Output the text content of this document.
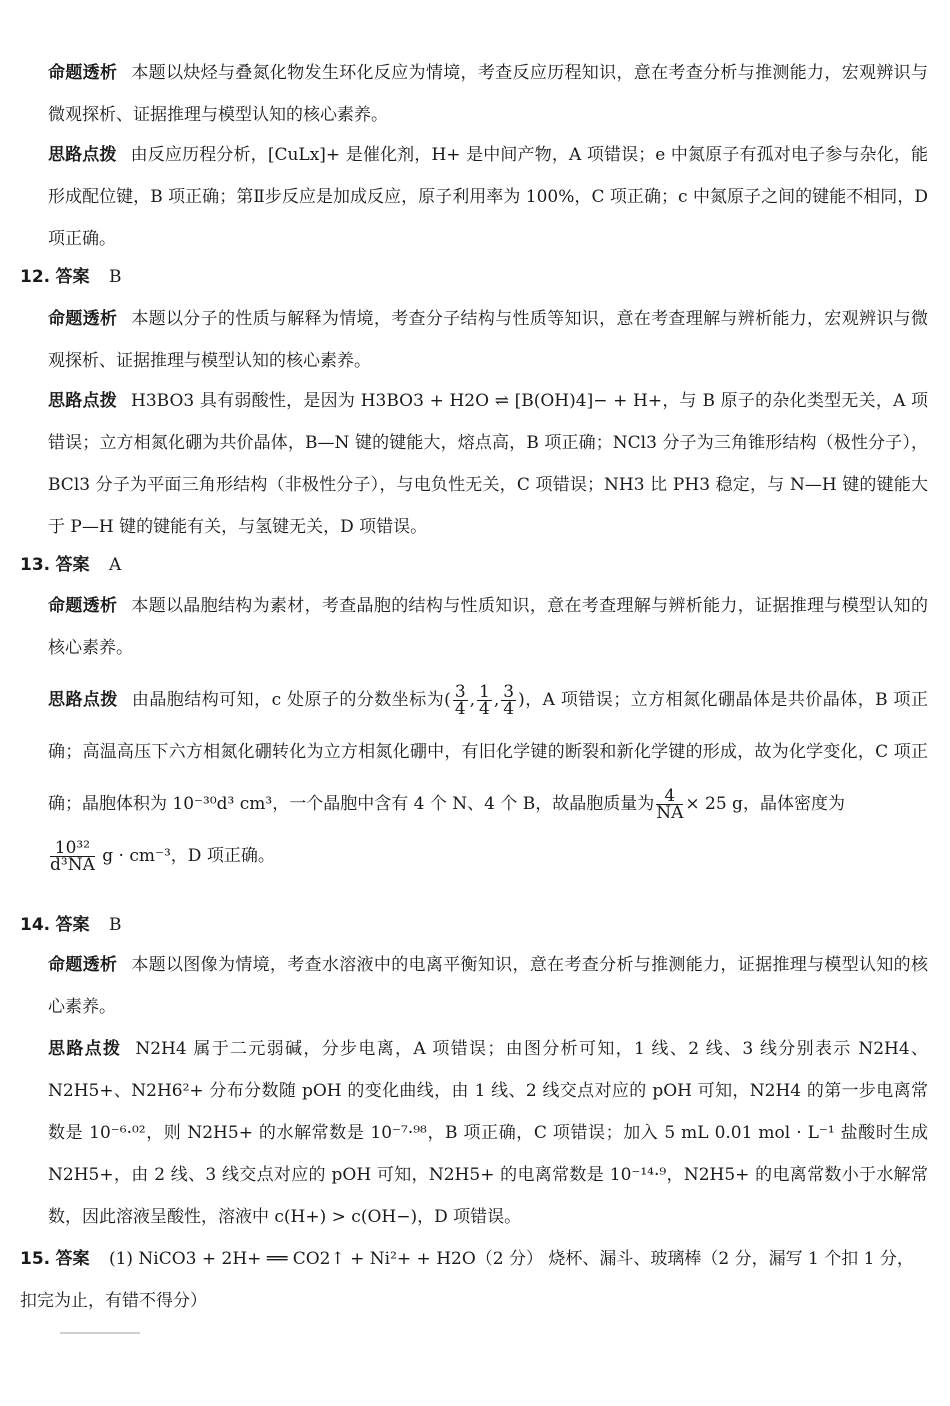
命题透析 本题以炔烃与叠氮化物发生环化反应为情境，考查反应历程知识，意在考查分析与推测能力，宏观辨识与微观探析、证据推理与模型认知的核心素养。
思路点拨 由反应历程分析，[CuLx]+ 是催化剂，H+ 是中间产物，A 项错误；e 中氮原子有孤对电子参与杂化，能形成配位键，B 项正确；第Ⅱ步反应是加成反应，原子利用率为 100%，C 项正确；c 中氮原子之间的键能不相同，D 项正确。
12. 答案 B
命题透析 本题以分子的性质与解释为情境，考查分子结构与性质等知识，意在考查理解与辨析能力，宏观辨识与微观探析、证据推理与模型认知的核心素养。
思路点拨 H3BO3 具有弱酸性，是因为 H3BO3 + H2O ⇌ [B(OH)4]− + H+，与 B 原子的杂化类型无关，A 项错误；立方相氮化硼为共价晶体，B—N 键的键能大，熔点高，B 项正确；NCl3 分子为三角锥形结构（极性分子），BCl3 分子为平面三角形结构（非极性分子），与电负性无关，C 项错误；NH3 比 PH3 稳定，与 N—H 键的键能大于 P—H 键的键能有关，与氢键无关，D 项错误。
13. 答案 A
命题透析 本题以晶胞结构为素材，考查晶胞的结构与性质知识，意在考查理解与辨析能力，证据推理与模型认知的核心素养。
思路点拨 由晶胞结构可知，c 处原子的分数坐标为( $\frac{3}{4}$ , $\frac{1}{4}$ , $\frac{3}{4}$ )，A 项错误；立方相氮化硼晶体是共价晶体，B 项正确；高温高压下六方相氮化硼转化为立方相氮化硼中，有旧化学键的断裂和新化学键的形成，故为化学变化，C 项正确；晶胞体积为 10⁻³⁰d³ cm³，一个晶胞中含有 4 个 N、4 个 B，故晶胞质量为 $\frac{4}{NA} \times 25$ g，晶体密度为

$\frac{\text{10³²}}{\text{d³NA}}$ g · cm⁻³，D 项正确。
14. 答案 B
命题透析 本题以图像为情境，考查水溶液中的电离平衡知识，意在考查分析与推测能力，证据推理与模型认知的核心素养。
思路点拨 N2H4 属于二元弱碱，分步电离，A 项错误；由图分析可知，1 线、2 线、3 线分别表示 N2H4、N2H5+、N2H6²+ 分布分数随 pOH 的变化曲线，由 1 线、2 线交点对应的 pOH 可知，N2H4 的第一步电离常数是 10⁻⁶·⁰²，则 N2H5+ 的水解常数是 10⁻⁷·⁹⁸，B 项正确，C 项错误；加入 5 mL 0.01 mol · L⁻¹ 盐酸时生成 N2H5+，由 2 线、3 线交点对应的 pOH 可知，N2H5+ 的电离常数是 10⁻¹⁴·⁹，N2H5+ 的电离常数小于水解常数，因此溶液呈酸性，溶液中 c(H+) > c(OH−)，D 项错误。
15. 答案 (1) NiCO3 + 2H+ ══ CO2↑ + Ni²+ + H2O（2 分） 烧杯、漏斗、玻璃棒（2 分，漏写 1 个扣 1 分，扣完为止，有错不得分）
